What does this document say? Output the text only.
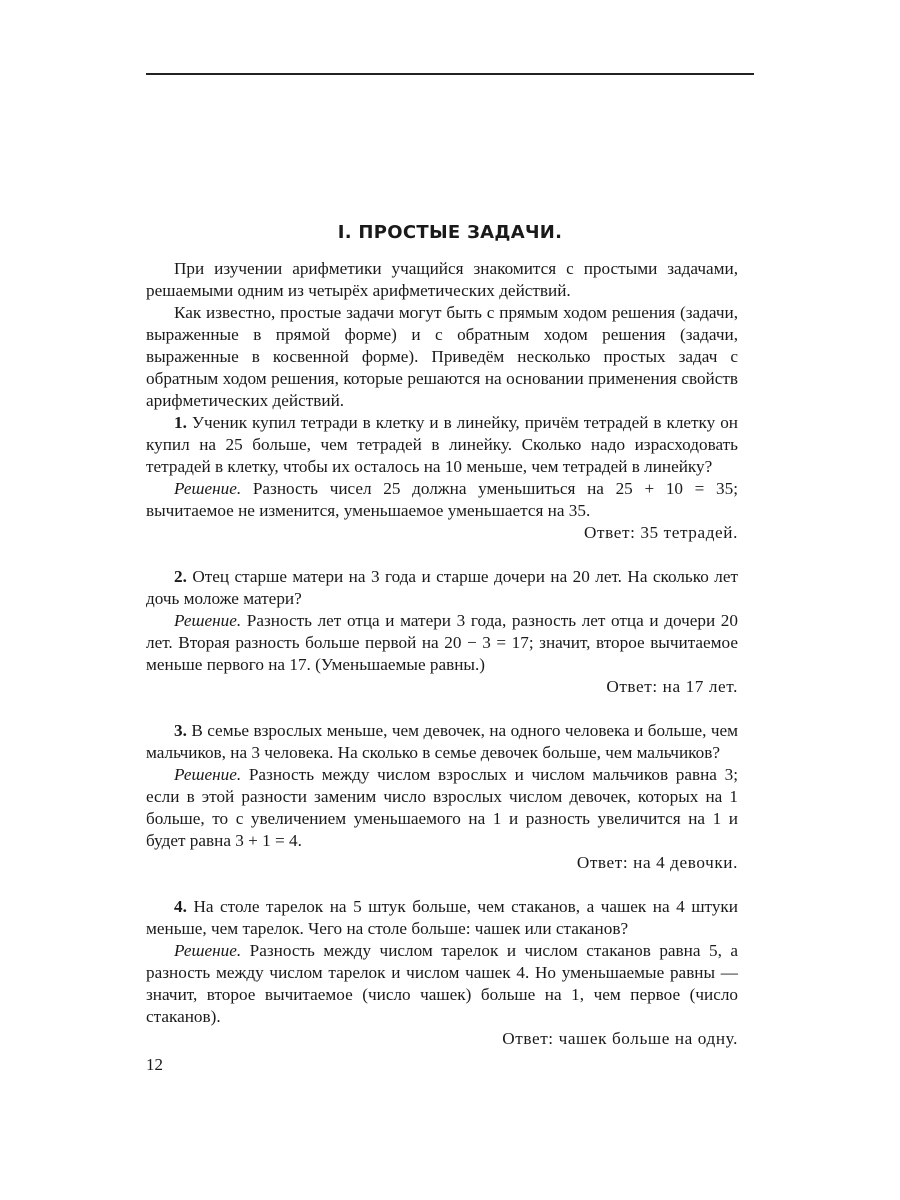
I. ПРОСТЫЕ ЗАДАЧИ.

При изучении арифметики учащийся знакомится с простыми задачами, решаемыми одним из четырёх арифметических действий.

Как известно, простые задачи могут быть с прямым ходом решения (задачи, выраженные в прямой форме) и с обратным ходом решения (задачи, выраженные в косвенной форме). Приведём несколько простых задач с обратным ходом решения, которые решаются на основании применения свойств арифметических действий.

1. Ученик купил тетради в клетку и в линейку, причём тетрадей в клетку он купил на 25 больше, чем тетрадей в линейку. Сколько надо израсходовать тетрадей в клетку, чтобы их осталось на 10 меньше, чем тетрадей в линейку?

Решение. Разность чисел 25 должна уменьшиться на 25 + 10 = 35; вычитаемое не изменится, уменьшаемое уменьшается на 35.

Ответ: 35 тетрадей.

2. Отец старше матери на 3 года и старше дочери на 20 лет. На сколько лет дочь моложе матери?

Решение. Разность лет отца и матери 3 года, разность лет отца и дочери 20 лет. Вторая разность больше первой на 20 − 3 = 17; значит, второе вычитаемое меньше первого на 17. (Уменьшаемые равны.)

Ответ: на 17 лет.

3. В семье взрослых меньше, чем девочек, на одного человека и больше, чем мальчиков, на 3 человека. На сколько в семье девочек больше, чем мальчиков?

Решение. Разность между числом взрослых и числом мальчиков равна 3; если в этой разности заменим число взрослых числом девочек, которых на 1 больше, то с увеличением уменьшаемого на 1 и разность увеличится на 1 и будет равна 3 + 1 = 4.

Ответ: на 4 девочки.

4. На столе тарелок на 5 штук больше, чем стаканов, а чашек на 4 штуки меньше, чем тарелок. Чего на столе больше: чашек или стаканов?

Решение. Разность между числом тарелок и числом стаканов равна 5, а разность между числом тарелок и числом чашек 4. Но уменьшаемые равны — значит, второе вычитаемое (число чашек) больше на 1, чем первое (число стаканов).

Ответ: чашек больше на одну.

12
